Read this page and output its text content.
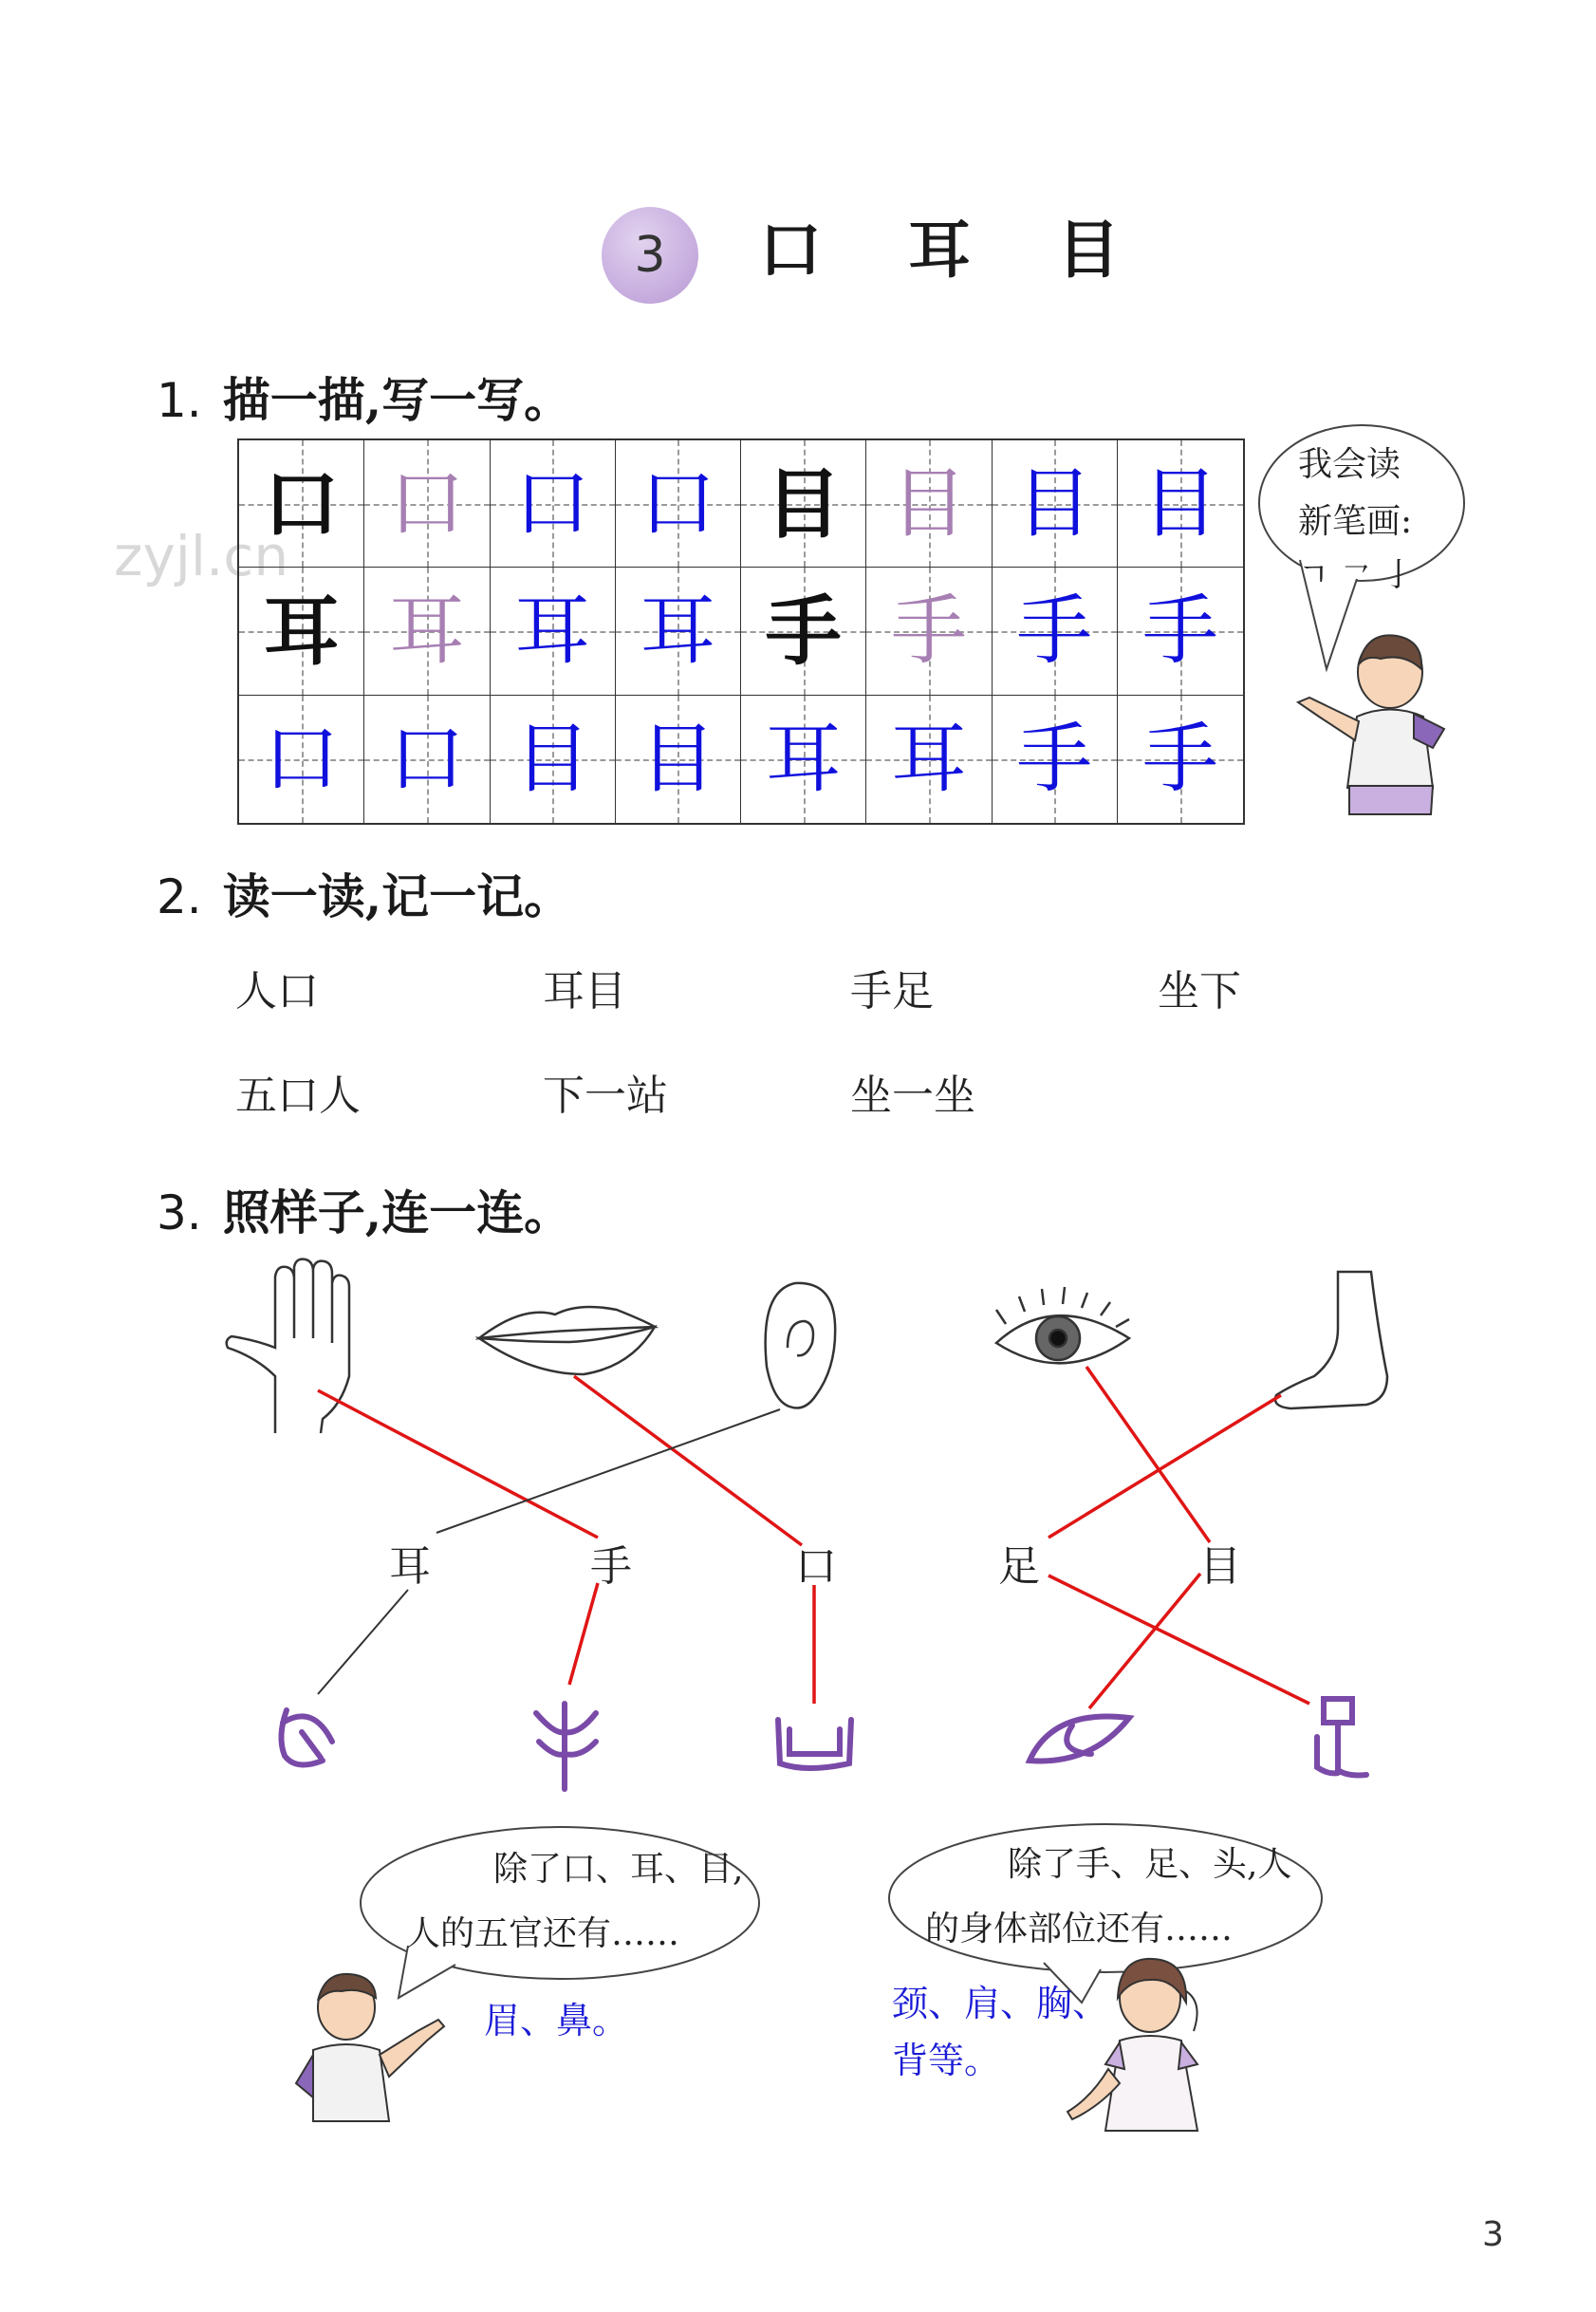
zyjl.cn
3 口 耳 目
1. 描一描,写一写。
口 口 口 口 目 目 目 目
耳 耳 耳 耳 手 手 手 手
口 口 目 目 耳 耳 手 手
我会读
新笔画:
ㄱ ㇖ 亅
2. 读一读,记一记。
人口	耳目	手足	坐下
五口人	下一站	坐一坐
3. 照样子,连一连。
耳	手	口	足	目
除了口、耳、目,
人的五官还有……
眉、鼻。
除了手、足、头,人
的身体部位还有……
颈、肩、胸、
背等。
3
